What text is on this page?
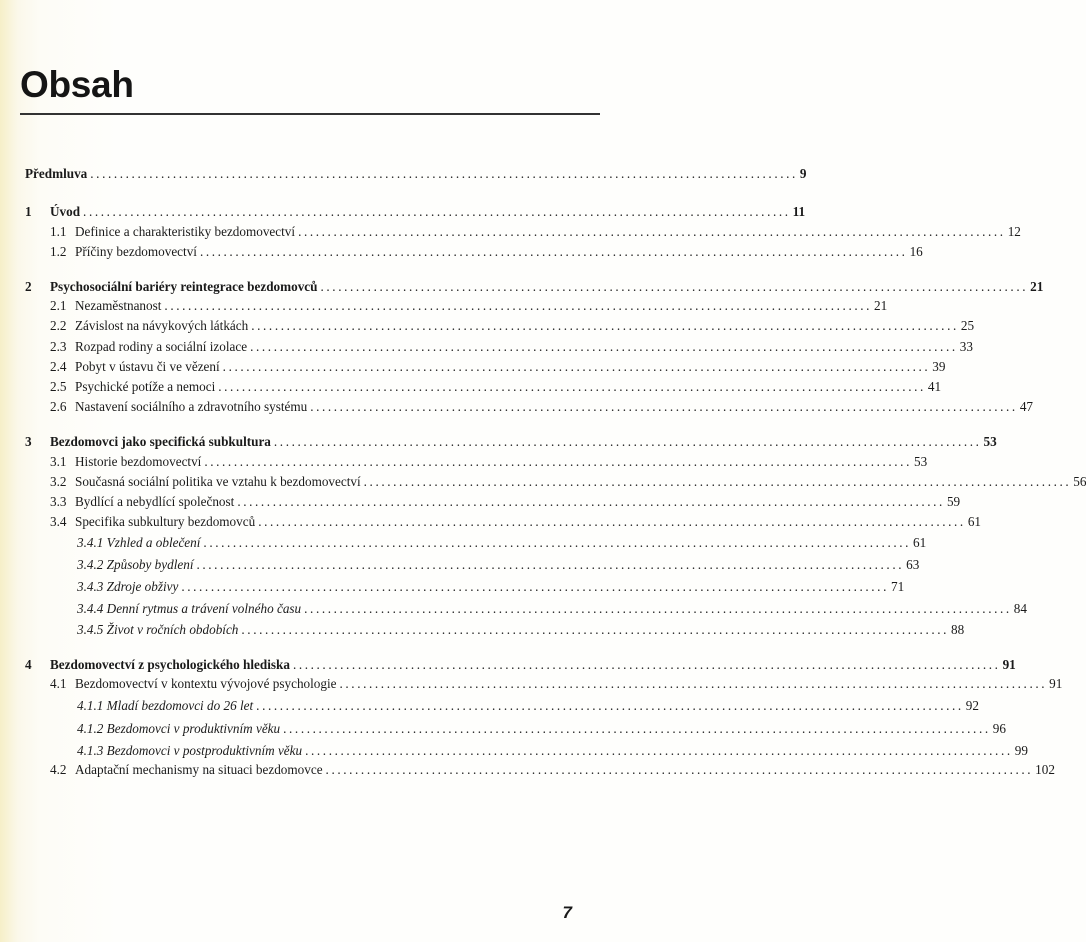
Obsah
Předmluva ........................................................................................................................ 9
1 Úvod ........................................................................................................................ 11
1.1 Definice a charakteristiky bezdomovectví ........................................................................................................................ 12
1.2 Příčiny bezdomovectví ........................................................................................................................ 16
2 Psychosociální bariéry reintegrace bezdomovců ........................................................................................................................ 21
2.1 Nezaměstnanost ........................................................................................................................ 21
2.2 Závislost na návykových látkách ........................................................................................................................ 25
2.3 Rozpad rodiny a sociální izolace ........................................................................................................................ 33
2.4 Pobyt v ústavu či ve vězení ........................................................................................................................ 39
2.5 Psychické potíže a nemoci ........................................................................................................................ 41
2.6 Nastavení sociálního a zdravotního systému ........................................................................................................................ 47
3 Bezdomovci jako specifická subkultura ........................................................................................................................ 53
3.1 Historie bezdomovectví ........................................................................................................................ 53
3.2 Současná sociální politika ve vztahu k bezdomovectví ........................................................................................................................ 56
3.3 Bydlící a nebydlící společnost ........................................................................................................................ 59
3.4 Specifika subkultury bezdomovců ........................................................................................................................ 61
3.4.1 Vzhled a oblečení ........................................................................................................................ 61
3.4.2 Způsoby bydlení ........................................................................................................................ 63
3.4.3 Zdroje obživy ........................................................................................................................ 71
3.4.4 Denní rytmus a trávení volného času ........................................................................................................................ 84
3.4.5 Život v ročních obdobích ........................................................................................................................ 88
4 Bezdomovectví z psychologického hlediska ........................................................................................................................ 91
4.1 Bezdomovectví v kontextu vývojové psychologie ........................................................................................................................ 91
4.1.1 Mladí bezdomovci do 26 let ........................................................................................................................ 92
4.1.2 Bezdomovci v produktivním věku ........................................................................................................................ 96
4.1.3 Bezdomovci v postproduktivním věku ........................................................................................................................ 99
4.2 Adaptační mechanismy na situaci bezdomovce ........................................................................................................................ 102
7
